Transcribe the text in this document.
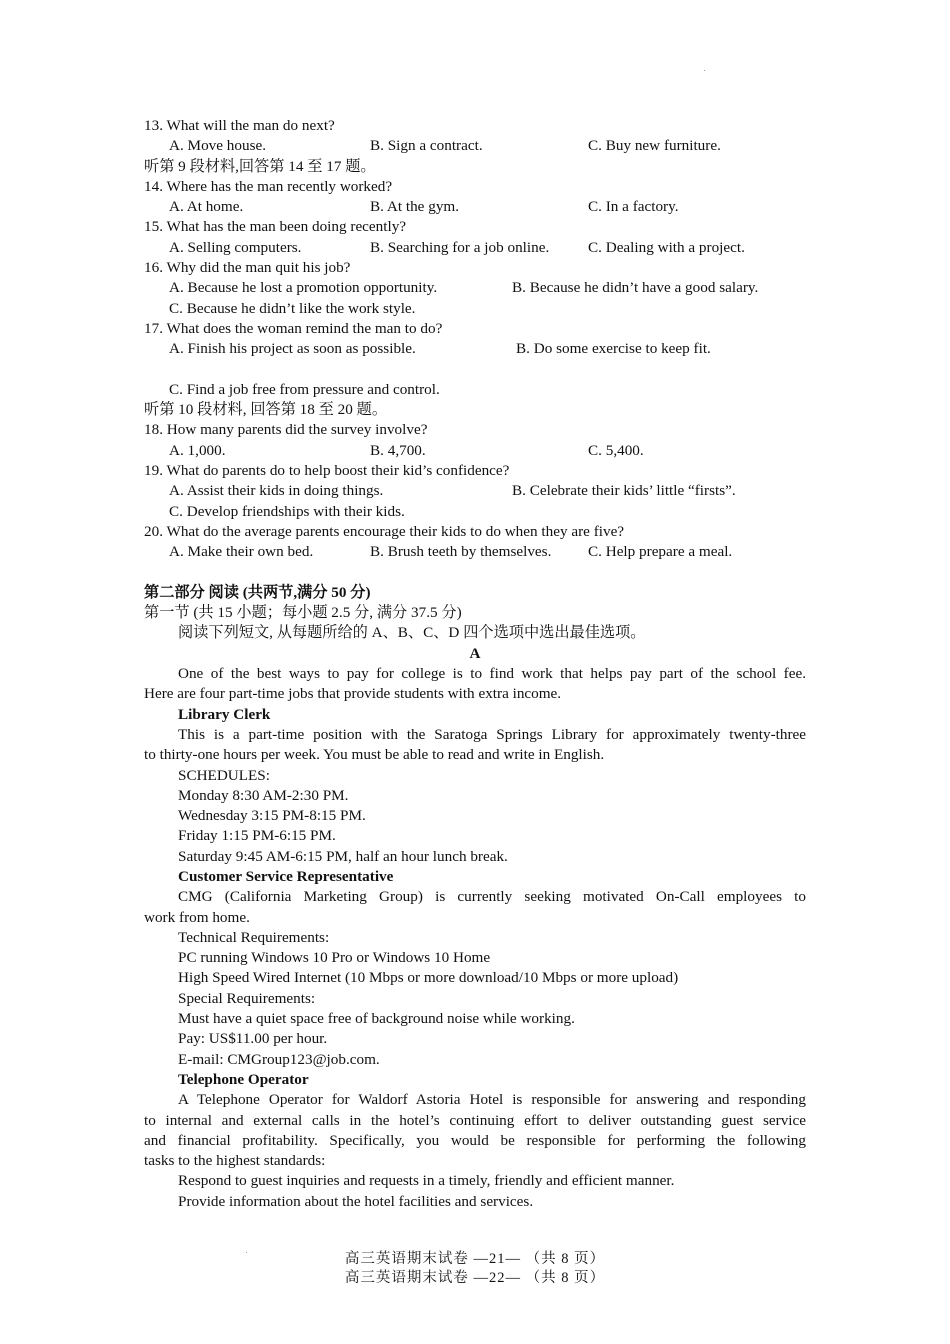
13. What will the man do next?
A. Move house.	B. Sign a contract.	C. Buy new furniture.
听第 9 段材料,回答第 14 至 17 题。
14. Where has the man recently worked?
A. At home.	B. At the gym.	C. In a factory.
15. What has the man been doing recently?
A. Selling computers.	B. Searching for a job online.	C. Dealing with a project.
16. Why did the man quit his job?
A. Because he lost a promotion opportunity.	B. Because he didn’t have a good salary.
C. Because he didn’t like the work style.
17. What does the woman remind the man to do?
A. Finish his project as soon as possible.	B. Do some exercise to keep fit.
C. Find a job free from pressure and control.
听第 10 段材料, 回答第 18 至 20 题。
18. How many parents did the survey involve?
A. 1,000.	B. 4,700.	C. 5,400.
19. What do parents do to help boost their kid’s confidence?
A. Assist their kids in doing things.	B. Celebrate their kids’ little “firsts”.
C. Develop friendships with their kids.
20. What do the average parents encourage their kids to do when they are five?
A. Make their own bed.	B. Brush teeth by themselves. C. Help prepare a meal.
第二部分 阅读 (共两节,满分 50 分)
第一节 (共 15 小题；每小题 2.5 分, 满分 37.5 分)
阅读下列短文, 从每题所给的 A、B、C、D 四个选项中选出最佳选项。
A
One of the best ways to pay for college is to find work that helps pay part of the school fee.
Here are four part-time jobs that provide students with extra income.
Library Clerk
This is a part-time position with the Saratoga Springs Library for approximately twenty-three
to thirty-one hours per week. You must be able to read and write in English.
SCHEDULES:
Monday 8:30 AM-2:30 PM.
Wednesday 3:15 PM-8:15 PM.
Friday 1:15 PM-6:15 PM.
Saturday 9:45 AM-6:15 PM, half an hour lunch break.
Customer Service Representative
CMG (California Marketing Group) is currently seeking motivated On-Call employees to
work from home.
Technical Requirements:
PC running Windows 10 Pro or Windows 10 Home
High Speed Wired Internet (10 Mbps or more download/10 Mbps or more upload)
Special Requirements:
Must have a quiet space free of background noise while working.
Pay: US$11.00 per hour.
E-mail: CMGroup123@job.com.
Telephone Operator
A Telephone Operator for Waldorf Astoria Hotel is responsible for answering and responding
to internal and external calls in the hotel’s continuing effort to deliver outstanding guest service
and financial profitability. Specifically, you would be responsible for performing the following
tasks to the highest standards:
Respond to guest inquiries and requests in a timely, friendly and efficient manner.
Provide information about the hotel facilities and services.
高三英语期末试卷 —21— （共 8 页）
高三英语期末试卷 —22— （共 8 页）
